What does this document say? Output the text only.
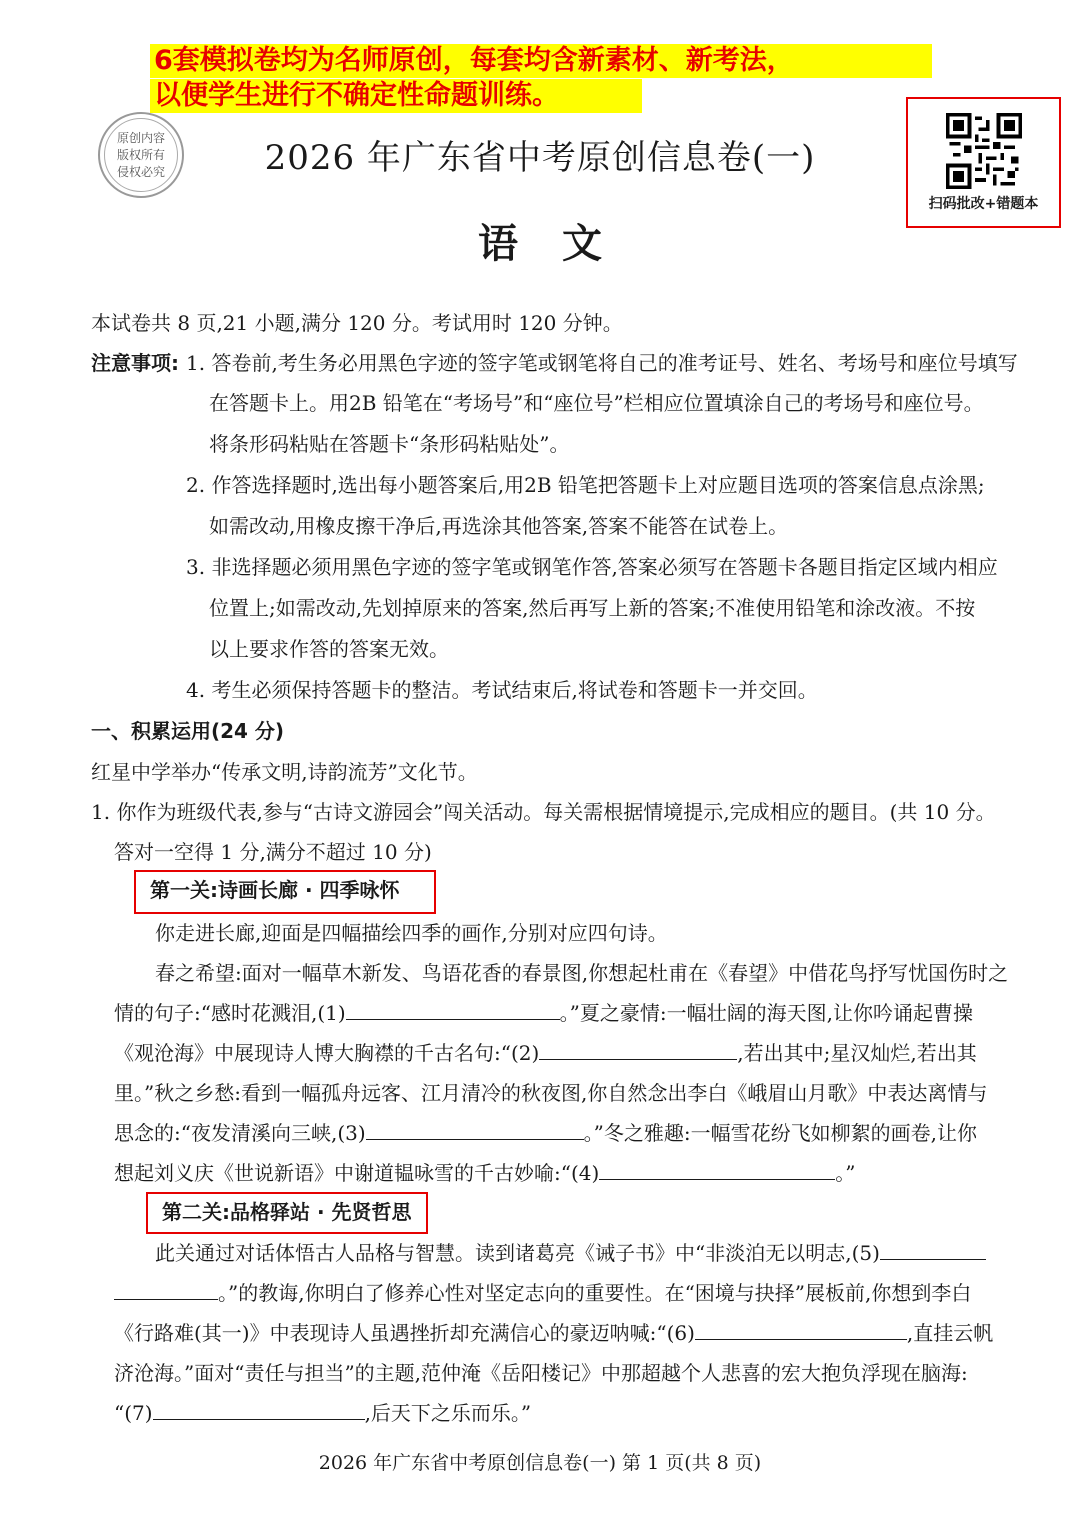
6套模拟卷均为名师原创，每套均含新素材、新考法，
以便学生进行不确定性命题训练。
原创内容
版权所有
侵权必究	2026 年广东省中考原创信息卷(一)
语文
扫码批改+错题本
本试卷共 8 页,21 小题,满分 120 分。考试用时 120 分钟。
注意事项: 1. 答卷前,考生务必用黑色字迹的签字笔或钢笔将自己的准考证号、姓名、考场号和座位号填写
在答题卡上。用2B 铅笔在“考场号”和“座位号”栏相应位置填涂自己的考场号和座位号。
将条形码粘贴在答题卡“条形码粘贴处”。
2. 作答选择题时,选出每小题答案后,用2B 铅笔把答题卡上对应题目选项的答案信息点涂黑;
如需改动,用橡皮擦干净后,再选涂其他答案,答案不能答在试卷上。
3. 非选择题必须用黑色字迹的签字笔或钢笔作答,答案必须写在答题卡各题目指定区域内相应
位置上;如需改动,先划掉原来的答案,然后再写上新的答案;不准使用铅笔和涂改液。不按
以上要求作答的答案无效。
4. 考生必须保持答题卡的整洁。考试结束后,将试卷和答题卡一并交回。
一、积累运用(24 分)
红星中学举办“传承文明,诗韵流芳”文化节。
1. 你作为班级代表,参与“古诗文游园会”闯关活动。每关需根据情境提示,完成相应的题目。(共 10 分。
答对一空得 1 分,满分不超过 10 分)
第一关:诗画长廊 · 四季咏怀
你走进长廊,迎面是四幅描绘四季的画作,分别对应四句诗。
春之希望:面对一幅草木新发、鸟语花香的春景图,你想起杜甫在《春望》中借花鸟抒写忧国伤时之
情的句子:“感时花溅泪,(1)	。”夏之豪情:一幅壮阔的海天图,让你吟诵起曹操
《观沧海》中展现诗人博大胸襟的千古名句:“(2)	,若出其中;星汉灿烂,若出其
里。”秋之乡愁:看到一幅孤舟远客、江月清冷的秋夜图,你自然念出李白《峨眉山月歌》中表达离情与
思念的:“夜发清溪向三峡,(3)	。”冬之雅趣:一幅雪花纷飞如柳絮的画卷,让你
想起刘义庆《世说新语》中谢道韫咏雪的千古妙喻:“(4)	。”
第二关:品格驿站 · 先贤哲思
此关通过对话体悟古人品格与智慧。读到诸葛亮《诫子书》中“非淡泊无以明志,(5)
。”的教诲,你明白了修养心性对坚定志向的重要性。在“困境与抉择”展板前,你想到李白
《行路难(其一)》中表现诗人虽遇挫折却充满信心的豪迈呐喊:“(6)	,直挂云帆
济沧海。”面对“责任与担当”的主题,范仲淹《岳阳楼记》中那超越个人悲喜的宏大抱负浮现在脑海:
“(7)	,后天下之乐而乐。”
2026 年广东省中考原创信息卷(一) 第 1 页(共 8 页)
